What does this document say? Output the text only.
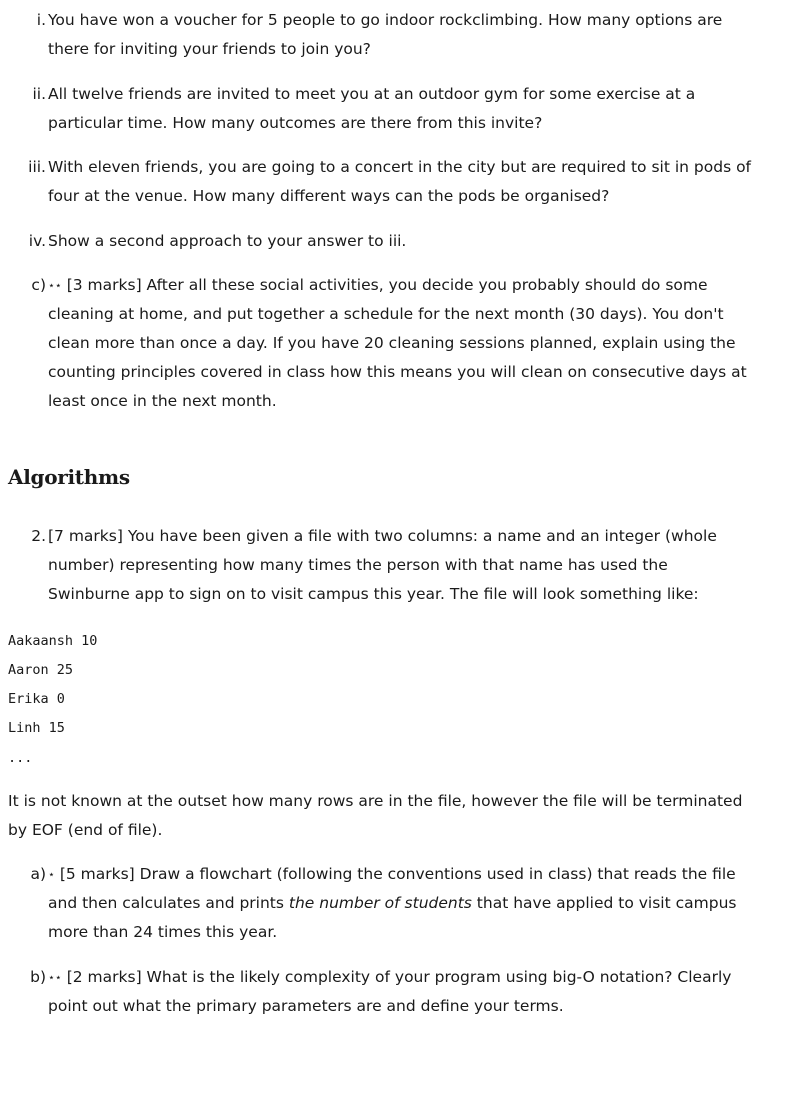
i. You have won a voucher for 5 people to go indoor rockclimbing. How many options are there for inviting your friends to join you?
ii. All twelve friends are invited to meet you at an outdoor gym for some exercise at a particular time. How many outcomes are there from this invite?
iii. With eleven friends, you are going to a concert in the city but are required to sit in pods of four at the venue. How many different ways can the pods be organised?
iv. Show a second approach to your answer to iii.
c) ⋆⋆ [3 marks] After all these social activities, you decide you probably should do some cleaning at home, and put together a schedule for the next month (30 days). You don't clean more than once a day. If you have 20 cleaning sessions planned, explain using the counting principles covered in class how this means you will clean on consecutive days at least once in the next month.
Algorithms
2. [7 marks] You have been given a file with two columns: a name and an integer (whole number) representing how many times the person with that name has used the Swinburne app to sign on to visit campus this year. The file will look something like:
Aakaansh 10
Aaron 25
Erika 0
Linh 15
...
It is not known at the outset how many rows are in the file, however the file will be terminated by EOF (end of file).
a) ⋆ [5 marks] Draw a flowchart (following the conventions used in class) that reads the file and then calculates and prints the number of students that have applied to visit campus more than 24 times this year.
b) ⋆⋆ [2 marks] What is the likely complexity of your program using big-O notation? Clearly point out what the primary parameters are and define your terms.
